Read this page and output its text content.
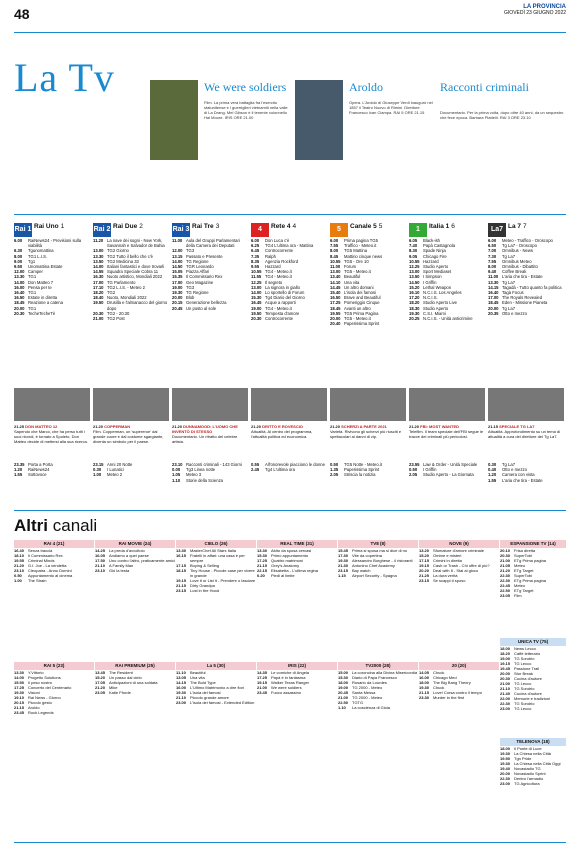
48	LA PROVINCIA
GIOVEDÌ 23 GIUGNO 2022
La Tv	We were soldiers

Film. La prima vera battaglia fra l'esercito statunitense e i guerriglieri vietnamiti nella valle di La Drang. Mel Gibson è il tenente colonnello Hal Moore. IRIS ORE 21.00

Aroldo

Opera. L'Aroldo di Giuseppe Verdi inaugurò nel 1857 il Teatro Nuovo di Rimini. Direttore Francesco Ivan Ciampa. RAI 5 ORE 21.15

Racconti criminali

Documentario. Per la prima volta, dopo oltre 40 anni, da un sequestro che fece epoca. Barbara Piattelli. RAI 3 ORE 23.10

Rai 1 Rai Uno 1
6.00	RaiNews24 - Previsioni sulla viabilità
6.30	Tgunomattina
8.00	TG1 L.I.S.
9.00	Tg1
9.50	Unomattina Estate
12.00 Camper
13.30 TG1
14.00 Don Matteo 7
16.00 Pensa per te
16.40 TG1
16.50 Estate in diretta
18.45 Reazione a catena
20.00 TG1
20.30 TecheTecheTè
21.25 DON MATTEO 12
Sapendo che Marco, che ha perso tutti i suoi ricordi, è tornato a Spoleto, Don Matteo decide di mettersi alla sua ricerca.
23.35 Porta a Porta
1.20	RaiNews24
1.55	Sottovoce
Rai 2 Rai Due 2
11.20 La nave dei sogni - New York, Savannah e Salvador de Bahia
13.00 TG2 Giorno
13.30 TG2 Tutto il bello che c'è
13.50 TG2 Medicina 33
14.00 Italiani fantastici e dove trovarli
14.55 Squadra Speciale Cobra 11
16.30 Nuoto artistico, Mondiali 2022
17.00 TG Parlamento
17.10 TG2 L.I.S. - Meteo 2
18.20 TG2
18.40 Nuoto, Mondiali 2022
19.50 Drusilla e l'almanacco del giorno dopo
20.30 TG2 - 20.30
21.00 TG2 Post
21.20 COPPERMAN
Film. Copperman, un 'supereroe' dal grande cuore e dal costume sgargiante, diventa un simbolo per il paese.
23.15 Anni 20 Notte
0.30	I Lunatici
1.00	Meteo 2
Rai 3 Rai Tre 3
11.00 Aula del Gruppi Parlamentari della Camera dei Deputati
12.00 TG3
13.15 Passato e Presente
14.00 TG Regione
14.50 TGR Leonardo
15.05 Piazza Affari
15.35 Il Commissario Rex
17.00 Geo Magazine
19.00 TG3
19.30 TG Regione
20.00 Blob
20.15 Generazione bellezza
20.45 Un posto al sole
21.20 DUNNAMOOD: L'UOMO CHE INVENTÒ DI STESSO
Documentario. Un ritratto del celebre artista.
23.10 Racconti criminali - 143 Giorni
0.00	Tg3 Linea notte
1.05	Meteo 3
1.10	Storie della Scienza
4 Rete 4 4
6.00	Don Luca c'è
6.25	TG4 L'ultima ora - Mattina
6.45	Controcorrente
7.35	Ralph
8.35	Agenzia Rockford
9.55	Hazzard
10.55 TG4 - Meteo.it
11.55 TG4 - Meteo.it
12.25 Il segreto
13.00 La signora in giallo
14.00 Lo sportello di Forum
15.30 Tg4 Diario del Giorno
16.45 Acque a rapporti
19.00 TG4 - Meteo.it
19.50 Tempesta d'amore
20.30 Controcorrente
21.20 DRITTO E ROVESCIO
Attualità. Al centro del programma, l'attualità politica ed economica.
0.55	All'onorevole piacciono le donne
2.45	Tg4 L'ultima ora
5 Canale 5 5
6.00	Prima pagina TG5
7.55	Traffico - Meteo.it
8.00	TG5 Mattina
8.45	Mattino cinque news
10.55 TG5 - Ore 10
11.00 Forum
13.00 TG5 - Meteo.it
13.40 Beautiful
14.10 Una vita
14.45 Un altro domani
15.40 L'isola dei famosi
16.50 Brave and Beautiful
17.25 Pomeriggio Cinque
18.45 Avanti un altro
19.55 TG5 Prima Pagina
20.00 TG5 - Meteo.it
20.40 Paperissima Sprint
21.20 SCHERZI A PARTE 2021
Varietà. Rivivono gli scherzi più riusciti e spettacolari ai danni di vip.
0.50	TG5 Notte - Meteo.it
1.35	Paperissima Sprint
2.05	Striscia la notizia
1 Italia 1 6
6.05	Black-ish
7.40	Papà Castagnola
8.30	Spade Ninja
9.05	Chicago Fire
10.55 Hazzard
12.25 Studio Aperto
13.00 Sport Mediaset
13.50 I Simpson
14.50 I Griffin
15.20 Lethal Weapon
16.10 N.C.I.S. Los Angeles
17.20 N.C.I.S.
18.20 Studio Aperto Live
18.30 Studio Aperto
19.30 C.S.I. Miami
20.25 N.C.I.S. - Unità anticrimine
21.20 FBI: MOST WANTED
Telefilm. Il team speciale dell'FBI segue le tracce dei criminali più pericolosi.
23.55 Law & Order - Unità Speciale
0.50	I Griffin
2.05	Studio Aperto - La Giornata
La7 La 7 7
6.00	Meteo - Traffico - Oroscopo
6.50	Tg La7 - Oroscopo
7.00	Omnibus - News
7.30	Tg La7
7.55	Omnibus Meteo
8.00	Omnibus - Dibattito
9.40	Coffee Break
11.00 L'aria che tira - Estate
13.30 Tg La7
14.15 Tagadà - Tutto quanto fa politica
16.40 Tagà Focus
17.00 The Royals Revealed
18.45 Eden - Missione Pianeta
20.00 Tg La7
20.35 Otto e mezzo
21.15 SPECIALE TG LA7
Attualità. Approfondimento su un tema di attualità a cura del direttore del Tg La7.
0.30	Tg La7
0.40	Otto e mezzo
1.20	Camera con vista
1.55	L'aria che tira - Estate
Altri canali
RAI 4 (21)
16.40 Senza traccia
18.10 Il Commissario Rex
19.55 Criminal Minds
21.20 G.I. Joe - La vendetta
23.10 Cleopatra - Anno Domini
0.50	Appuntamento al cinema
1.00	The Strain
RAI MOVIE (24)
14.25 La preda d'avvoltoio
16.05 Andiamo a quel paese
17.50 Uno contro l'altro, praticamente amici
21.10 A Family Man
23.10 Giù la testa
CIELO (26)
13.30 MasterChef All Stars Italia
16.15 Fratelli in affari: una casa è per sempre
17.15 Buying & Selling
18.15 Tiny House - Piccole case per vivere in grande
19.15 Love it or List it - Prendere o lasciare
21.15 Dirty Grandpa
23.15 Lost in the Hood
REAL TIME (31)
13.30 Abito da sposa cercasi
15.30 Primo appuntamento
17.25 Quattro matrimoni
21.15 Grey's Anatomy
22.15 Elisabetta - L'ultima regina
0.20	Piedi al limite
TV8 (8)
15.45 Prima si sposa ma si dice di no
17.30 Vite da copertina
19.30 Alessandro Borghese - 4 ristoranti
21.30 Antonino Chef Academy
23.15 Bay watch
1.15	Airport Security - Spagna
NOVE (9)
13.20 Sfumature d'amore criminale
15.20 Ombre e misteri
17.15 Crimini in diretta
19.15 Cash or Trash - Chi offre di più?
20.20 Deal with It - Stai al gioco
21.25 La dura verità
23.15 Se scappi ti sposo
ESPANSIONE TV (14)
20.10 Frisa diretta
20.30 SuperTobi
21.00 ETg Prima pagina
21.05 Meteo
21.20 ETg Target
22.30 SuperTobi
22.30 ETg Prima pagina
22.45 Meteo
22.50 ETg Target
23.05 Film
RAI 5 (23)
13.30 Y.Vittorio
14.00 Progetto Solutions
15.50 Il peso nostro
17.25 Concerto del Centenario
19.30 Visioni
19.10 Rai News - Giorno
20.15 Piccolo gesto
21.15 Aroldo
23.45 Rock Legends
RAI PREMIUM (25)
13.45 The Resident
15.20 Un passo dal cielo
17.05 Anticipazioni di una soldata
21.20 Mike
23.05 Katie Fforde
La 5 (30)
11.10	Beautiful
13.05 Una vita
14.15 The Bold Type
16.00 L'Ultimo Matrimonio a dire fiori
19.30 L'isola dei famosi
21.10 Piccolo grande amore
23.00 L'isola dei famosi - Extended Edition
IRIS (22)
14.35 Le comiche di Angela
17.25 Papà è in fantasma
19.15 Walker Texas Ranger
21.00 We were soldiers
23.45 Fuoco assassino
TV2000 (28)
15.00 La coroncina alla Divina Misericordia
15.30 Diario di Papa Francesco
18.00 Rosario da Lourdes
19.00 TG 2000 - Meteo
20.45 Santa Messa
21.00 TG 2000 - Meteo
22.50 TGTG
1.10	La coscienza di Gioia
20 (20)
14.05 Chuck
16.00 Chicago Med
18.00 The Big Bang Theory
19.30 Chuck
21.15 Love! Corsa contro il tempo
23.30 Murder in the first
UNICA TV (75)
18.00 News Lecco
18.20 Caffè letterario
19.00 TG Sondrio
19.15 TG Lecco
19.45 Passione Trail
20.00 Stor Break
20.30 Cucina d'autore
21.00 TG Lecco
21.10 TG Sondrio
21.40 Cucina d'autore
22.00 Memorie e tradizioni
22.30 TG Sondrio
23.00 TG Lecco
TELENOVA (18)
18.00 Il Ponte di Luce
19.30 La Chiesa nella Città
19.50 Tgn Pride
19.30 La Chiesa nella Città Oggi
19.40 Novastadio TG
20.00 Novastadio Sprint
22.30 Dentro l'armadio
23.00 TG Agricoltura
